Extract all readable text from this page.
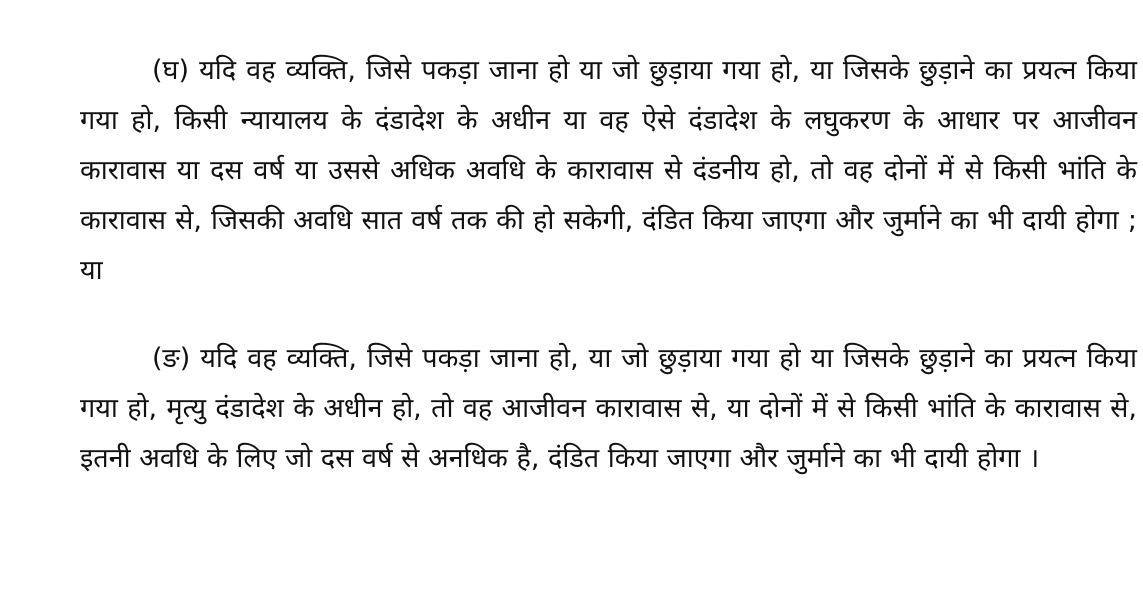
(घ) यदि वह व्यक्ति, जिसे पकड़ा जाना हो या जो छुड़ाया गया हो, या जिसके छुड़ाने का प्रयत्न किया गया हो, किसी न्यायालय के दंडादेश के अधीन या वह ऐसे दंडादेश के लघुकरण के आधार पर आजीवन कारावास या दस वर्ष या उससे अधिक अवधि के कारावास से दंडनीय हो, तो वह दोनों में से किसी भांति के कारावास से, जिसकी अवधि सात वर्ष तक की हो सकेगी, दंडित किया जाएगा और जुर्माने का भी दायी होगा ; या

(ङ) यदि वह व्यक्ति, जिसे पकड़ा जाना हो, या जो छुड़ाया गया हो या जिसके छुड़ाने का प्रयत्न किया गया हो, मृत्यु दंडादेश के अधीन हो, तो वह आजीवन कारावास से, या दोनों में से किसी भांति के कारावास से, इतनी अवधि के लिए जो दस वर्ष से अनधिक है, दंडित किया जाएगा और जुर्माने का भी दायी होगा ।
